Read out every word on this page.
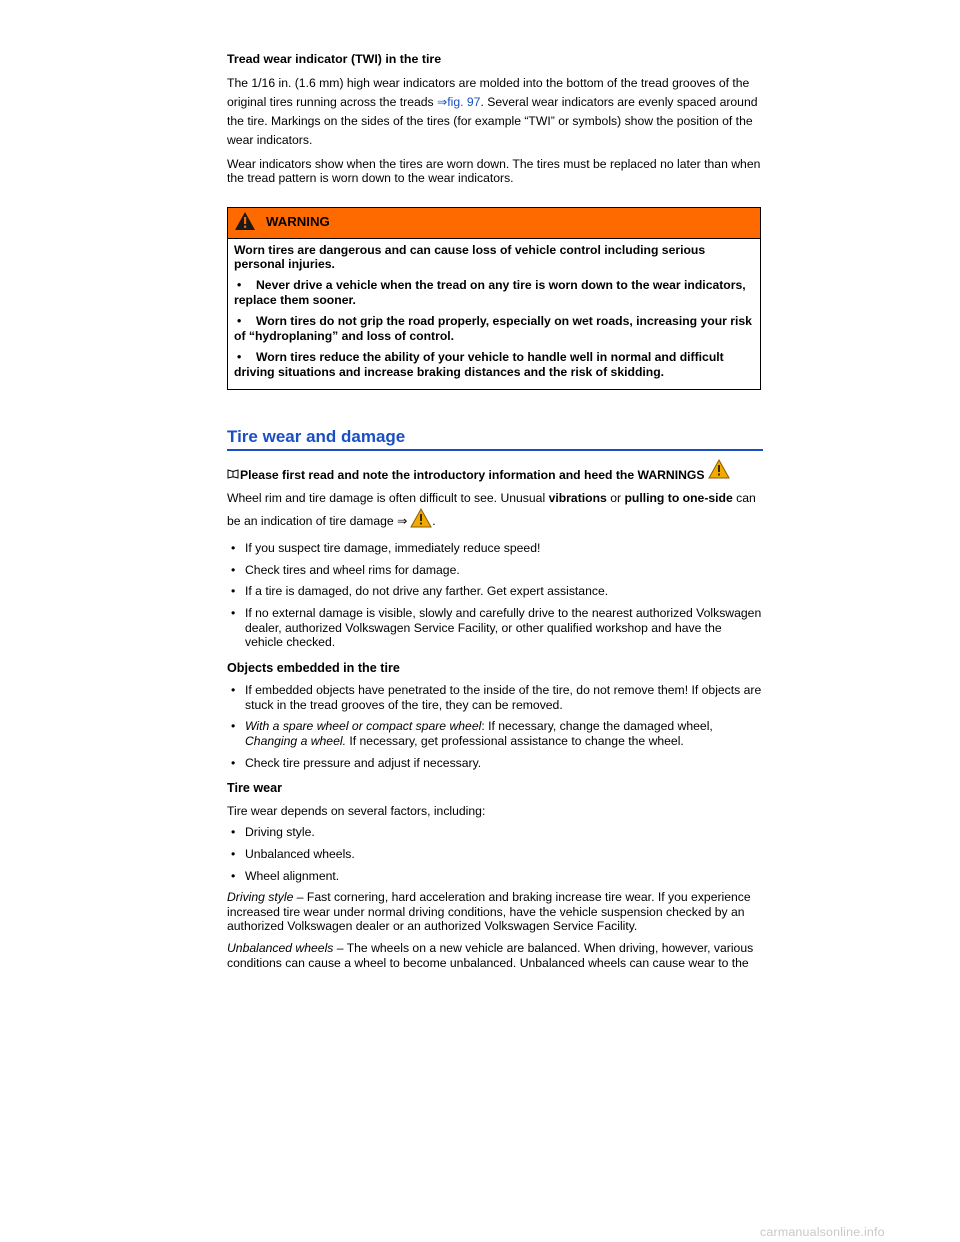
Tread wear indicator (TWI) in the tire

The 1/16 in. (1.6 mm) high wear indicators are molded into the bottom of the tread grooves of the original tires running across the treads ⇒fig. 97. Several wear indicators are evenly spaced around the tire. Markings on the sides of the tires (for example “TWI” or symbols) show the position of the wear indicators.

Wear indicators show when the tires are worn down. The tires must be replaced no later than when the tread pattern is worn down to the wear indicators.

WARNING

Worn tires are dangerous and can cause loss of vehicle control including serious personal injuries.

• Never drive a vehicle when the tread on any tire is worn down to the wear indicators, replace them sooner.
• Worn tires do not grip the road properly, especially on wet roads, increasing your risk of “hydroplaning” and loss of control.
• Worn tires reduce the ability of your vehicle to handle well in normal and difficult driving situations and increase braking distances and the risk of skidding.
Tire wear and damage

Please first read and note the introductory information and heed the WARNINGS

Wheel rim and tire damage is often difficult to see. Unusual vibrations or pulling to one-side can be an indication of tire damage ⇒ .

• If you suspect tire damage, immediately reduce speed!
• Check tires and wheel rims for damage.
• If a tire is damaged, do not drive any farther. Get expert assistance.
• If no external damage is visible, slowly and carefully drive to the nearest authorized Volkswagen dealer, authorized Volkswagen Service Facility, or other qualified workshop and have the vehicle checked.
Objects embedded in the tire
• If embedded objects have penetrated to the inside of the tire, do not remove them! If objects are stuck in the tread grooves of the tire, they can be removed.
• With a spare wheel or compact spare wheel: If necessary, change the damaged wheel, Changing a wheel. If necessary, get professional assistance to change the wheel.
• Check tire pressure and adjust if necessary.
Tire wear

Tire wear depends on several factors, including:

• Driving style.
• Unbalanced wheels.
• Wheel alignment.

Driving style – Fast cornering, hard acceleration and braking increase tire wear. If you experience increased tire wear under normal driving conditions, have the vehicle suspension checked by an authorized Volkswagen dealer or an authorized Volkswagen Service Facility.

Unbalanced wheels – The wheels on a new vehicle are balanced. When driving, however, various conditions can cause a wheel to become unbalanced. Unbalanced wheels can cause wear to the

carmanualsonline.info
